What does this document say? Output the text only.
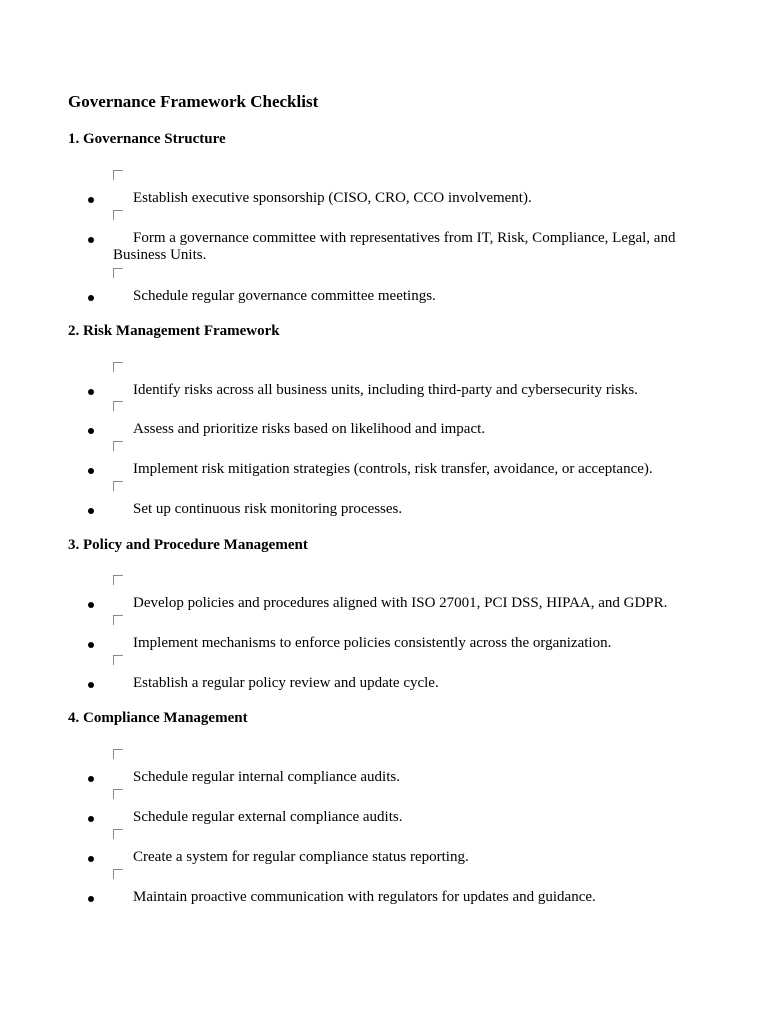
Governance Framework Checklist
1. Governance Structure
Establish executive sponsorship (CISO, CRO, CCO involvement).
Form a governance committee with representatives from IT, Risk, Compliance, Legal, and Business Units.
Schedule regular governance committee meetings.
2. Risk Management Framework
Identify risks across all business units, including third-party and cybersecurity risks.
Assess and prioritize risks based on likelihood and impact.
Implement risk mitigation strategies (controls, risk transfer, avoidance, or acceptance).
Set up continuous risk monitoring processes.
3. Policy and Procedure Management
Develop policies and procedures aligned with ISO 27001, PCI DSS, HIPAA, and GDPR.
Implement mechanisms to enforce policies consistently across the organization.
Establish a regular policy review and update cycle.
4. Compliance Management
Schedule regular internal compliance audits.
Schedule regular external compliance audits.
Create a system for regular compliance status reporting.
Maintain proactive communication with regulators for updates and guidance.
